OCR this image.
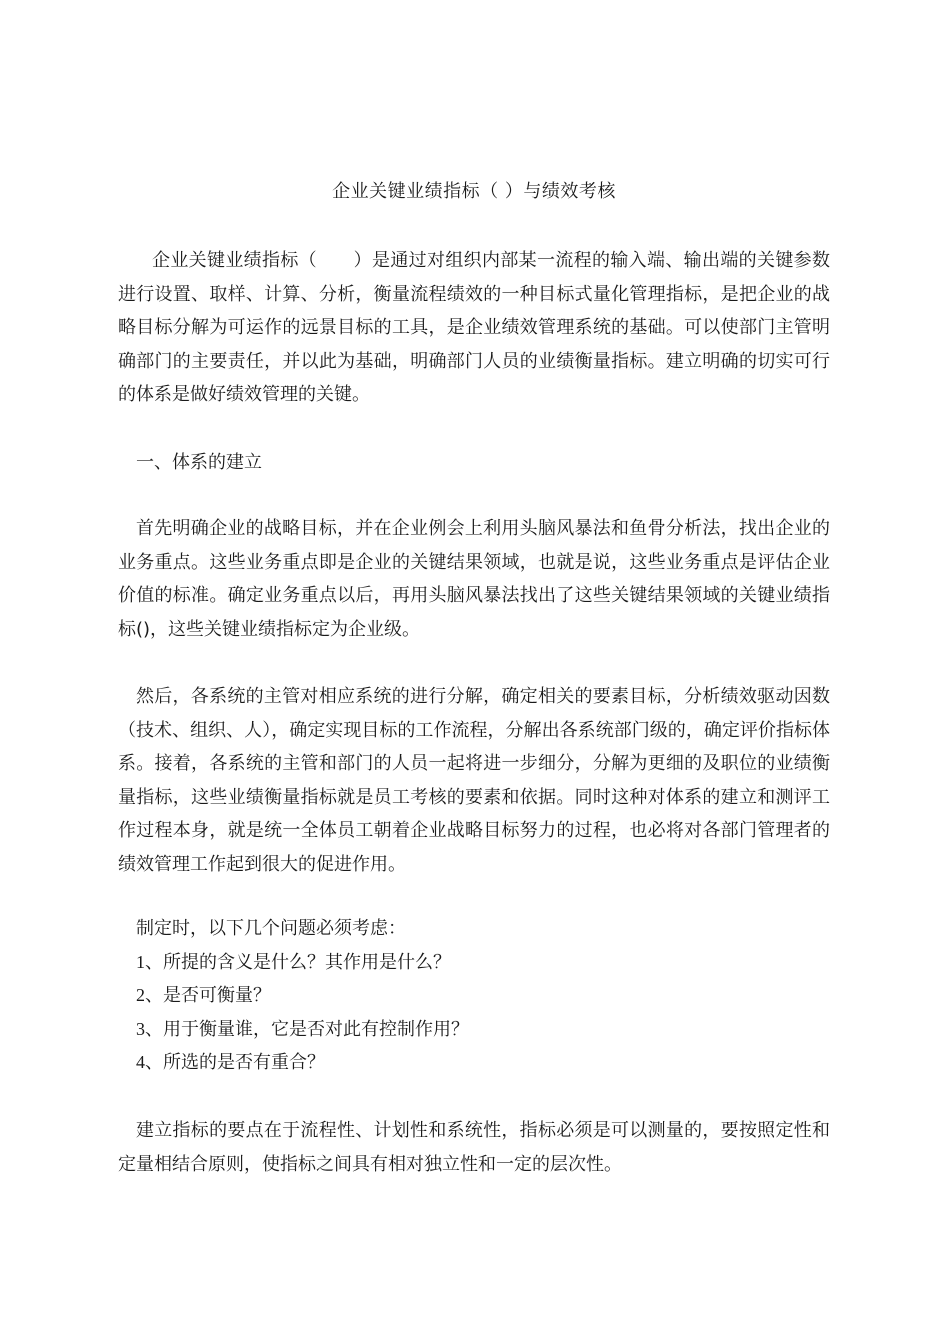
企业关键业绩指标（ ）与绩效考核

企业关键业绩指标（　　）是通过对组织内部某一流程的输入端、输出端的关键参数进行设置、取样、计算、分析，衡量流程绩效的一种目标式量化管理指标，是把企业的战略目标分解为可运作的远景目标的工具，是企业绩效管理系统的基础。可以使部门主管明确部门的主要责任，并以此为基础，明确部门人员的业绩衡量指标。建立明确的切实可行的体系是做好绩效管理的关键。

一、体系的建立

首先明确企业的战略目标，并在企业例会上利用头脑风暴法和鱼骨分析法，找出企业的业务重点。这些业务重点即是企业的关键结果领域，也就是说，这些业务重点是评估企业价值的标准。确定业务重点以后，再用头脑风暴法找出了这些关键结果领域的关键业绩指标()，这些关键业绩指标定为企业级。

然后，各系统的主管对相应系统的进行分解，确定相关的要素目标，分析绩效驱动因数（技术、组织、人），确定实现目标的工作流程，分解出各系统部门级的，确定评价指标体系。接着，各系统的主管和部门的人员一起将进一步细分，分解为更细的及职位的业绩衡量指标，这些业绩衡量指标就是员工考核的要素和依据。同时这种对体系的建立和测评工作过程本身，就是统一全体员工朝着企业战略目标努力的过程，也必将对各部门管理者的绩效管理工作起到很大的促进作用。

制定时，以下几个问题必须考虑：
1、所提的含义是什么？其作用是什么？
2、是否可衡量？
3、用于衡量谁，它是否对此有控制作用？
4、所选的是否有重合？

建立指标的要点在于流程性、计划性和系统性，指标必须是可以测量的，要按照定性和定量相结合原则，使指标之间具有相对独立性和一定的层次性。
